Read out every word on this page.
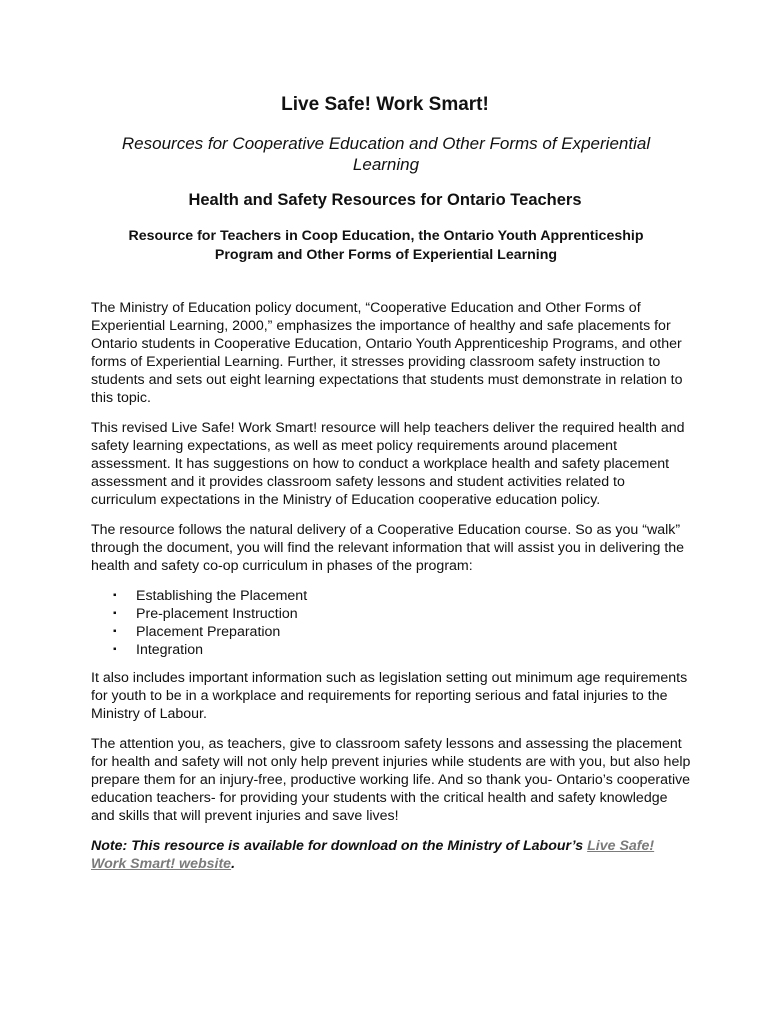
Live Safe! Work Smart!
Resources for Cooperative Education and Other Forms of Experiential Learning
Health and Safety Resources for Ontario Teachers
Resource for Teachers in Coop Education, the Ontario Youth Apprenticeship Program and Other Forms of Experiential Learning

The Ministry of Education policy document, “Cooperative Education and Other Forms of Experiential Learning, 2000,” emphasizes the importance of healthy and safe placements for Ontario students in Cooperative Education, Ontario Youth Apprenticeship Programs, and other forms of Experiential Learning. Further, it stresses providing classroom safety instruction to students and sets out eight learning expectations that students must demonstrate in relation to this topic.

This revised Live Safe! Work Smart! resource will help teachers deliver the required health and safety learning expectations, as well as meet policy requirements around placement assessment. It has suggestions on how to conduct a workplace health and safety placement assessment and it provides classroom safety lessons and student activities related to curriculum expectations in the Ministry of Education cooperative education policy.

The resource follows the natural delivery of a Cooperative Education course. So as you “walk” through the document, you will find the relevant information that will assist you in delivering the health and safety co-op curriculum in phases of the program:

▪ Establishing the Placement
▪ Pre-placement Instruction
▪ Placement Preparation
▪ Integration

It also includes important information such as legislation setting out minimum age requirements for youth to be in a workplace and requirements for reporting serious and fatal injuries to the Ministry of Labour.

The attention you, as teachers, give to classroom safety lessons and assessing the placement for health and safety will not only help prevent injuries while students are with you, but also help prepare them for an injury-free, productive working life. And so thank you- Ontario’s cooperative education teachers- for providing your students with the critical health and safety knowledge and skills that will prevent injuries and save lives!

Note: This resource is available for download on the Ministry of Labour’s Live Safe! Work Smart! website.
